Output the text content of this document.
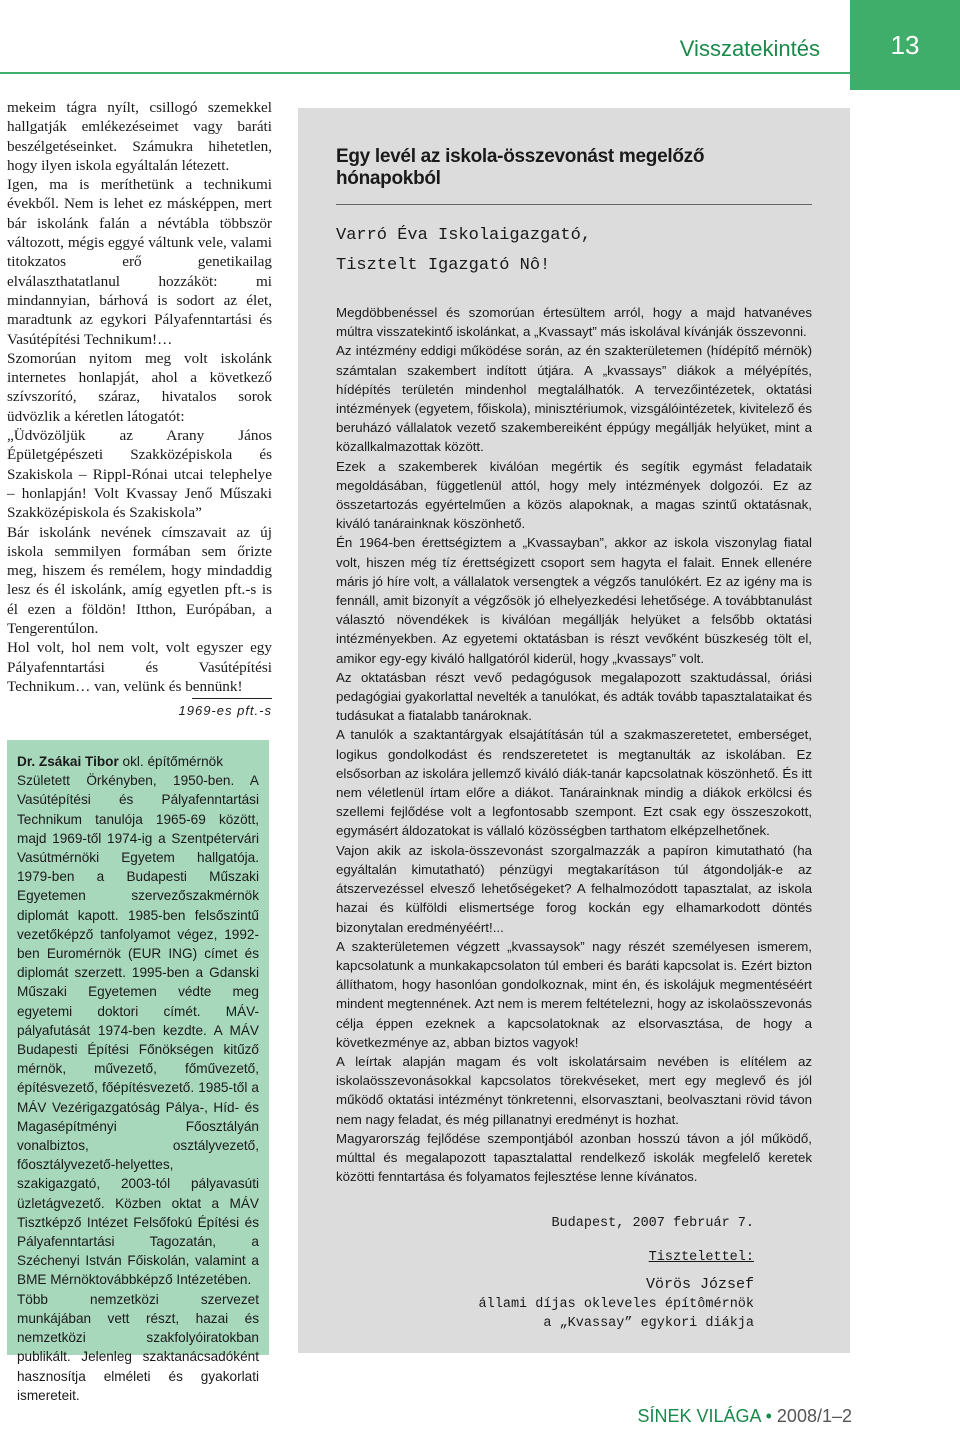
Visszatekintés	13

mekeim tágra nyílt, csillogó szemekkel hallgatják emlékezéseimet vagy baráti beszélgetéseinket. Számukra hihetetlen, hogy ilyen iskola egyáltalán létezett.

Igen, ma is meríthetünk a technikumi évekből. Nem is lehet ez másképpen, mert bár iskolánk falán a névtábla többször változott, mégis eggyé váltunk vele, valami titokzatos erő genetikailag elválaszthatatlanul hozzáköt: mi mindannyian, bárhová is sodort az élet, maradtunk az egykori Pályafenntartási és Vasútépítési Technikum!…

Szomorúan nyitom meg volt iskolánk internetes honlapját, ahol a következő szívszorító, száraz, hivatalos sorok üdvözlik a kéretlen látogatót:

„Üdvözöljük az Arany János Épületgépészeti Szakközépiskola és Szakiskola – Rippl-Rónai utcai telephelye – honlapján! Volt Kvassay Jenő Műszaki Szakközépiskola és Szakiskola”

Bár iskolánk nevének címszavait az új iskola semmilyen formában sem őrizte meg, hiszem és remélem, hogy mindaddig lesz és él iskolánk, amíg egyetlen pft.-s is él ezen a földön! Itthon, Európában, a Tengerentúlon.

Hol volt, hol nem volt, volt egyszer egy Pályafenntartási és Vasútépítési Technikum… van, velünk és bennünk!

1969-es pft.-s

Dr. Zsákai Tibor okl. építőmérnök

Született Örkényben, 1950-ben. A Vasútépítési és Pályafenntartási Technikum tanulója 1965-69 között, majd 1969-től 1974-ig a Szentpétervári Vasútmérnöki Egyetem hallgatója. 1979-ben a Budapesti Műszaki Egyetemen szervezőszakmérnök diplomát kapott. 1985-ben felsőszintű vezetőképző tanfolyamot végez, 1992-ben Euromérnök (EUR ING) címet és diplomát szerzett. 1995-ben a Gdanski Műszaki Egyetemen védte meg egyetemi doktori címét. MÁV-pályafutását 1974-ben kezdte. A MÁV Budapesti Építési Főnökségen kitűző mérnök, művezető, főművezető, építésvezető, főépítésvezető. 1985-től a MÁV Vezérigazgatóság Pálya-, Híd- és Magasépítményi Főosztályán vonalbiztos, osztályvezető, főosztályvezető-helyettes, szakigazgató, 2003-tól pályavasúti üzletágvezető. Közben oktat a MÁV Tisztképző Intézet Felsőfokú Építési és Pályafenntartási Tagozatán, a Széchenyi István Főiskolán, valamint a BME Mérnöktovábbképző Intézetében.

Több nemzetközi szervezet munkájában vett részt, hazai és nemzetközi szakfolyóiratokban publikált. Jelenleg szaktanácsadóként hasznosítja elméleti és gyakorlati ismereteit.

Egy levél az iskola-összevonást megelőző hónapokból
Varró Éva Iskolaigazgató,
Tisztelt Igazgató Nô!

Megdöbbenéssel és szomorúan értesültem arról, hogy a majd hatvanéves múltra visszatekintő iskolánkat, a „Kvassayt” más iskolával kívánják összevonni.

Az intézmény eddigi működése során, az én szakterületemen (hídépítő mérnök) számtalan szakembert indított útjára. A „kvassays” diákok a mélyépítés, hídépítés területén mindenhol megtalálhatók. A tervezőintézetek, oktatási intézmények (egyetem, főiskola), minisztériumok, vizsgálóintézetek, kivitelező és beruházó vállalatok vezető szakembereiként éppúgy megállják helyüket, mint a közallkalmazottak között.

Ezek a szakemberek kiválóan megértik és segítik egymást feladataik megoldásában, függetlenül attól, hogy mely intézmények dolgozói. Ez az összetartozás egyértelműen a közös alapoknak, a magas szintű oktatásnak, kiváló tanárainknak köszönhető.

Én 1964-ben érettségiztem a „Kvassayban”, akkor az iskola viszonylag fiatal volt, hiszen még tíz érettségizett csoport sem hagyta el falait. Ennek ellenére máris jó híre volt, a vállalatok versengtek a végzős tanulókért. Ez az igény ma is fennáll, amit bizonyít a végzősök jó elhelyezkedési lehetősége. A továbbtanulást választó növendékek is kiválóan megállják helyüket a felsőbb oktatási intézményekben. Az egyetemi oktatásban is részt vevőként büszkeség tölt el, amikor egy-egy kiváló hallgatóról kiderül, hogy „kvassays” volt.

Az oktatásban részt vevő pedagógusok megalapozott szaktudással, óriási pedagógiai gyakorlattal nevelték a tanulókat, és adták tovább tapasztalataikat és tudásukat a fiatalabb tanároknak.

A tanulók a szaktantárgyak elsajátításán túl a szakmaszeretetet, emberséget, logikus gondolkodást és rendszeretetet is megtanulták az iskolában. Ez elsősorban az iskolára jellemző kiváló diák-tanár kapcsolatnak köszönhető. És itt nem véletlenül írtam előre a diákot. Tanárainknak mindig a diákok erkölcsi és szellemi fejlődése volt a legfontosabb szempont. Ezt csak egy összeszokott, egymásért áldozatokat is vállaló közösségben tarthatom elképzelhetőnek.

Vajon akik az iskola-összevonást szorgalmazzák a papíron kimutatható (ha egyáltalán kimutatható) pénzügyi megtakarításon túl átgondolják-e az átszervezéssel elvesző lehetőségeket? A felhalmozódott tapasztalat, az iskola hazai és külföldi elismertsége forog kockán egy elhamarkodott döntés bizonytalan eredményéért!...

A szakterületemen végzett „kvassaysok” nagy részét személyesen ismerem, kapcsolatunk a munkakapcsolaton túl emberi és baráti kapcsolat is. Ezért bizton állíthatom, hogy hasonlóan gondolkoznak, mint én, és iskolájuk megmentéséért mindent megtennének. Azt nem is merem feltételezni, hogy az iskolaösszevonás célja éppen ezeknek a kapcsolatoknak az elsorvasztása, de hogy a következménye az, abban biztos vagyok!

A leírtak alapján magam és volt iskolatársaim nevében is elítélem az iskolaösszevonásokkal kapcsolatos törekvéseket, mert egy meglevő és jól működő oktatási intézményt tönkretenni, elsorvasztani, beolvasztani rövid távon nem nagy feladat, és még pillanatnyi eredményt is hozhat.

Magyarország fejlődése szempontjából azonban hosszú távon a jól működő, múlttal és megalapozott tapasztalattal rendelkező iskolák megfelelő keretek közötti fenntartása és folyamatos fejlesztése lenne kívánatos.

Budapest, 2007 február 7.
Tisztelettel:
Vörös József
állami díjas okleveles építômérnök
a „Kvassay” egykori diákja
SÍNEK VILÁGA • 2008/1–2
